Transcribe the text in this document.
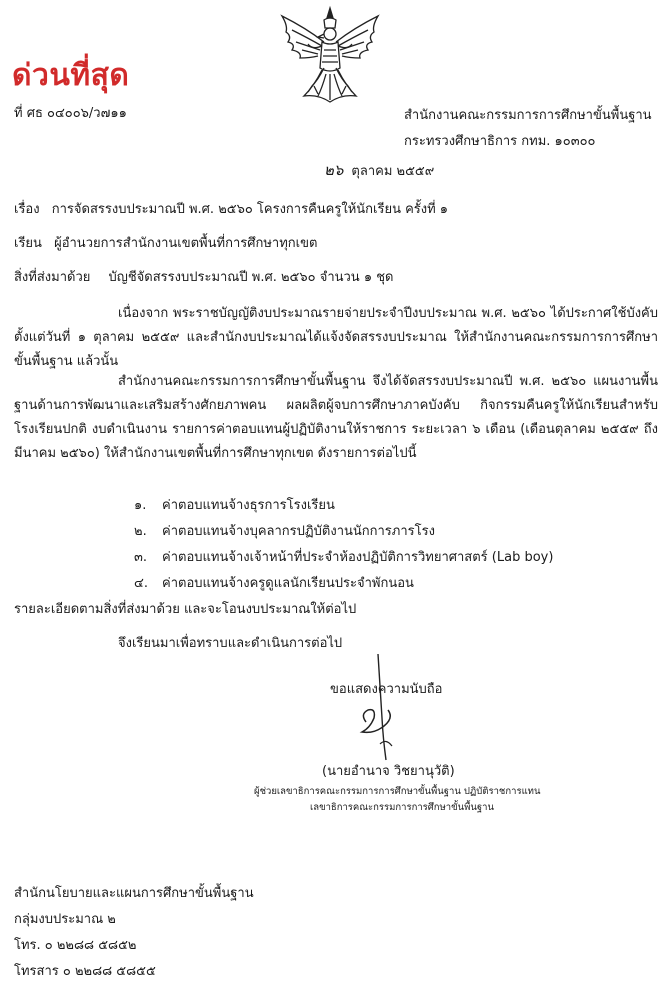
ด่วนที่สุด
ที่ ศธ ๐๔๐๐๖/ว๗๑๑	สำนักงานคณะกรรมการการศึกษาขั้นพื้นฐาน
กระทรวงศึกษาธิการ กทม. ๑๐๓๐๐
๒๖ ตุลาคม ๒๕๕๙
เรื่อง การจัดสรรงบประมาณปี พ.ศ. ๒๕๖๐ โครงการคืนครูให้นักเรียน ครั้งที่ ๑
เรียน ผู้อำนวยการสำนักงานเขตพื้นที่การศึกษาทุกเขต
สิ่งที่ส่งมาด้วย บัญชีจัดสรรงบประมาณปี พ.ศ. ๒๕๖๐ จำนวน ๑ ชุด
เนื่องจาก พระราชบัญญัติงบประมาณรายจ่ายประจำปีงบประมาณ พ.ศ. ๒๕๖๐ ได้ประกาศใช้บังคับตั้งแต่วันที่ ๑ ตุลาคม ๒๕๕๙ และสำนักงบประมาณได้แจ้งจัดสรรงบประมาณ ให้สำนักงานคณะกรรมการการศึกษาขั้นพื้นฐาน แล้วนั้น
สำนักงานคณะกรรมการการศึกษาขั้นพื้นฐาน จึงได้จัดสรรงบประมาณปี พ.ศ. ๒๕๖๐ แผนงานพื้นฐานด้านการพัฒนาและเสริมสร้างศักยภาพคน ผลผลิตผู้จบการศึกษาภาคบังคับ กิจกรรมคืนครูให้นักเรียนสำหรับโรงเรียนปกติ งบดำเนินงาน รายการค่าตอบแทนผู้ปฏิบัติงานให้ราชการ ระยะเวลา ๖ เดือน (เดือนตุลาคม ๒๕๕๙ ถึง มีนาคม ๒๕๖๐) ให้สำนักงานเขตพื้นที่การศึกษาทุกเขต ดังรายการต่อไปนี้
๑. ค่าตอบแทนจ้างธุรการโรงเรียน
๒. ค่าตอบแทนจ้างบุคลากรปฏิบัติงานนักการภารโรง
๓. ค่าตอบแทนจ้างเจ้าหน้าที่ประจำห้องปฏิบัติการวิทยาศาสตร์ (Lab boy)
๔. ค่าตอบแทนจ้างครูดูแลนักเรียนประจำพักนอน
รายละเอียดตามสิ่งที่ส่งมาด้วย และจะโอนงบประมาณให้ต่อไป
จึงเรียนมาเพื่อทราบและดำเนินการต่อไป
ขอแสดงความนับถือ
(นายอำนาจ วิชยานุวัติ)
ผู้ช่วยเลขาธิการคณะกรรมการการศึกษาขั้นพื้นฐาน ปฏิบัติราชการแทน
เลขาธิการคณะกรรมการการศึกษาขั้นพื้นฐาน
สำนักนโยบายและแผนการศึกษาขั้นพื้นฐาน
กลุ่มงบประมาณ ๒
โทร. ๐ ๒๒๘๘ ๕๘๕๒
โทรสาร ๐ ๒๒๘๘ ๕๘๕๕
